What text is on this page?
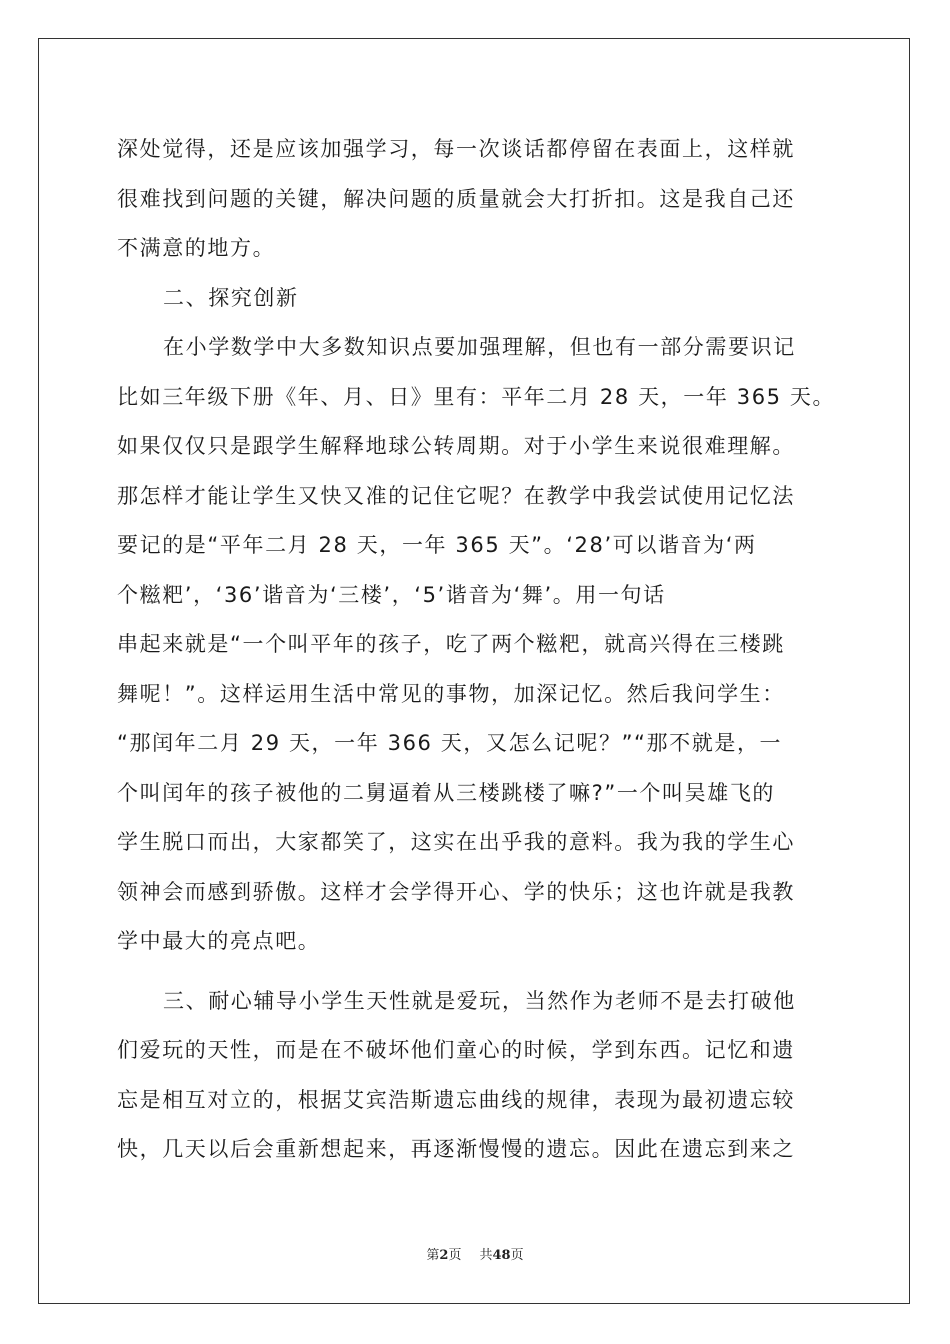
深处觉得，还是应该加强学习，每一次谈话都停留在表面上，这样就
很难找到问题的关键，解决问题的质量就会大打折扣。这是我自己还
不满意的地方。
二、探究创新
在小学数学中大多数知识点要加强理解，但也有一部分需要识记
比如三年级下册《年、月、日》里有：平年二月 28 天，一年 365 天。
如果仅仅只是跟学生解释地球公转周期。对于小学生来说很难理解。
那怎样才能让学生又快又准的记住它呢？在教学中我尝试使用记忆法
要记的是“平年二月 28 天，一年 365 天”。‘28’可以谐音为‘两
个糍粑’，‘36’谐音为‘三楼’，‘5’谐音为‘舞’。用一句话
串起来就是“一个叫平年的孩子，吃了两个糍粑，就高兴得在三楼跳
舞呢！”。这样运用生活中常见的事物，加深记忆。然后我问学生：
“那闰年二月 29 天，一年 366 天，又怎么记呢？”“那不就是，一
个叫闰年的孩子被他的二舅逼着从三楼跳楼了嘛?”一个叫吴雄飞的
学生脱口而出，大家都笑了，这实在出乎我的意料。我为我的学生心
领神会而感到骄傲。这样才会学得开心、学的快乐；这也许就是我教
学中最大的亮点吧。
三、耐心辅导小学生天性就是爱玩，当然作为老师不是去打破他
们爱玩的天性，而是在不破坏他们童心的时候，学到东西。记忆和遗
忘是相互对立的，根据艾宾浩斯遗忘曲线的规律，表现为最初遗忘较
快，几天以后会重新想起来，再逐渐慢慢的遗忘。因此在遗忘到来之
第2页 共48页
